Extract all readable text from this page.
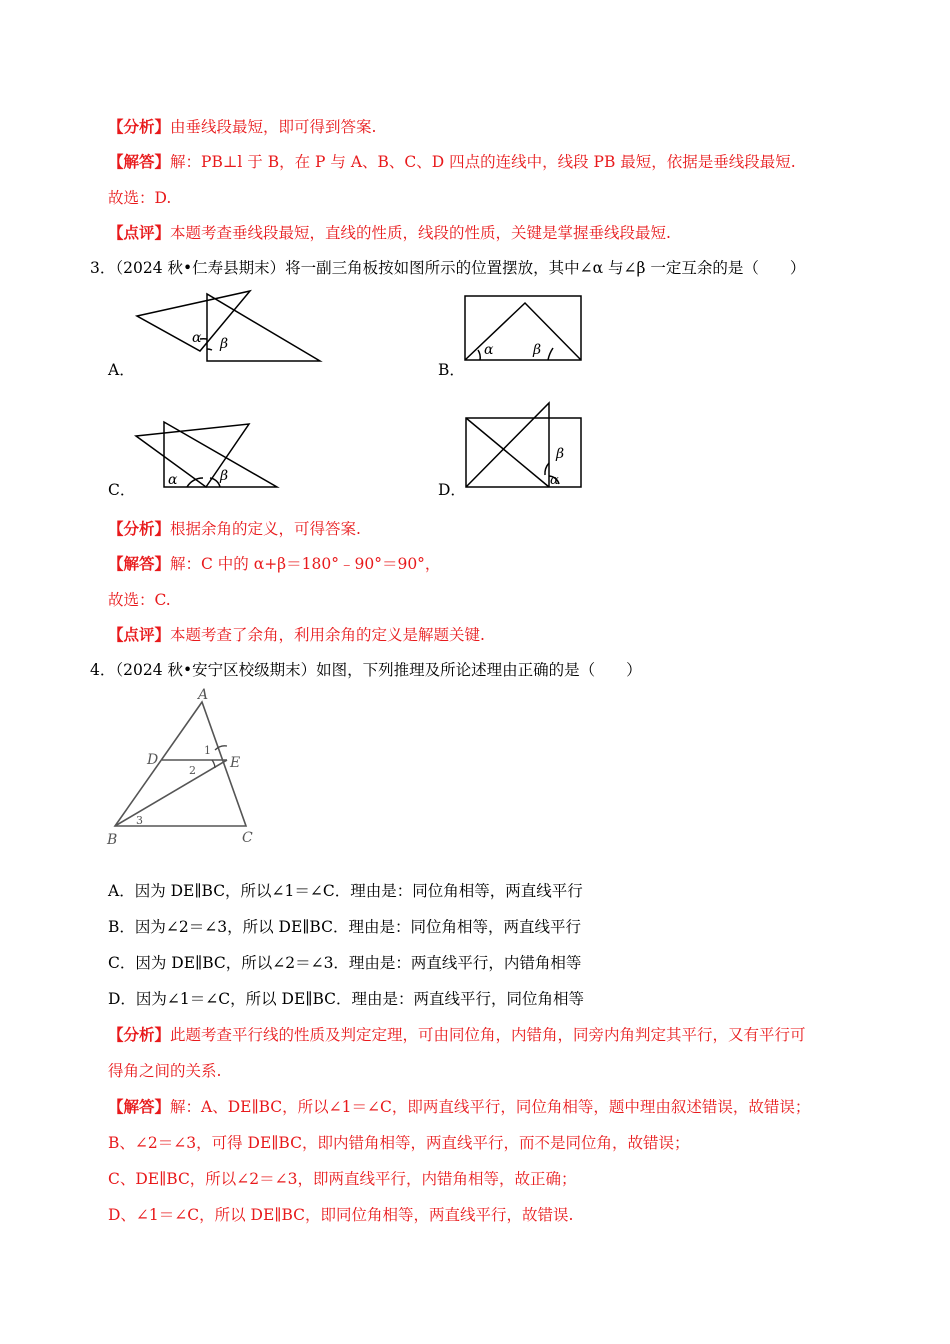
【分析】由垂线段最短，即可得到答案.
【解答】解：PB⊥l 于 B，在 P 与 A、B、C、D 四点的连线中，线段 PB 最短，依据是垂线段最短.
故选：D.
【点评】本题考查垂线段最短，直线的性质，线段的性质，关键是掌握垂线段最短.
3．（2024 秋•仁寿县期末）将一副三角板按如图所示的位置摆放，其中∠α 与∠β 一定互余的是（　　）
α β
A．
α	β
B．
α	β
C．
β
α
D．
【分析】根据余角的定义，可得答案.
【解答】解：C 中的 α+β＝180°﹣90°＝90°，
故选：C.
【点评】本题考查了余角，利用余角的定义是解题关键.
4．（2024 秋•安宁区校级期末）如图，下列推理及所论述理由正确的是（　　）
A
D	E
B	C
1
2
3
A．因为 DE∥BC，所以∠1＝∠C．理由是：同位角相等，两直线平行
B．因为∠2＝∠3，所以 DE∥BC．理由是：同位角相等，两直线平行
C．因为 DE∥BC，所以∠2＝∠3．理由是：两直线平行，内错角相等
D．因为∠1＝∠C，所以 DE∥BC．理由是：两直线平行，同位角相等
【分析】此题考查平行线的性质及判定定理，可由同位角，内错角，同旁内角判定其平行，又有平行可
得角之间的关系.
【解答】解：A、DE∥BC，所以∠1＝∠C，即两直线平行，同位角相等，题中理由叙述错误，故错误；
B、∠2＝∠3，可得 DE∥BC，即内错角相等，两直线平行，而不是同位角，故错误；
C、DE∥BC，所以∠2＝∠3，即两直线平行，内错角相等，故正确；
D、∠1＝∠C，所以 DE∥BC，即同位角相等，两直线平行，故错误.
